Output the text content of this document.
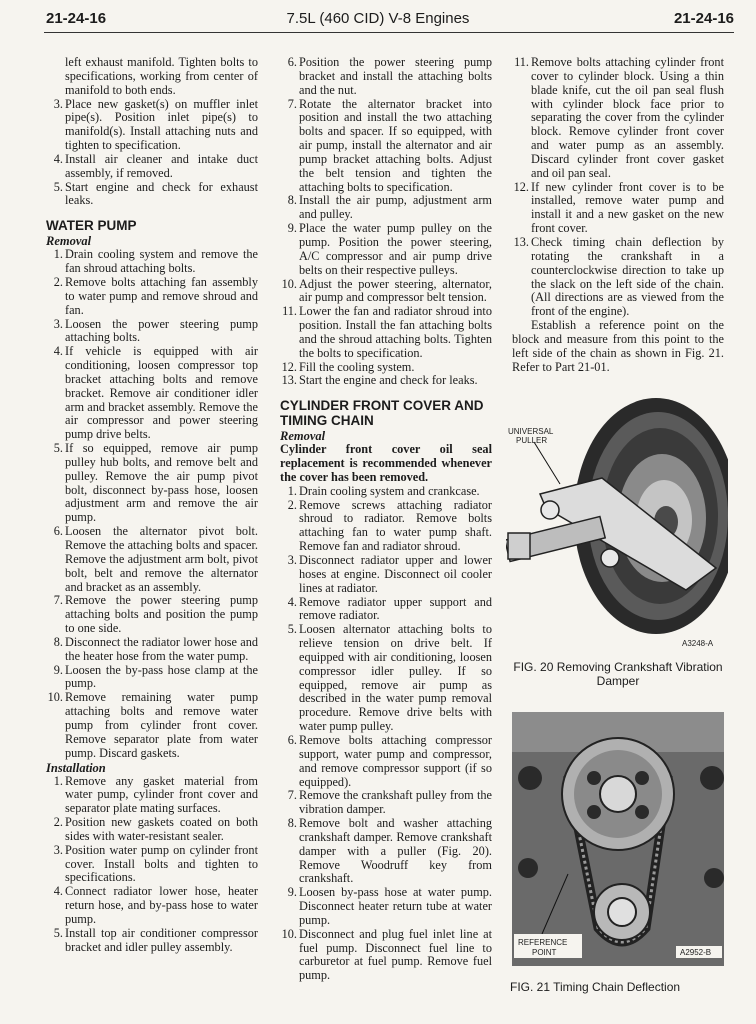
21-24-16	7.5L (460 CID) V-8 Engines	21-24-16
left exhaust manifold. Tighten bolts to specifications, working from center of manifold to both ends.
3. Place new gasket(s) on muffler inlet pipe(s). Position inlet pipe(s) to manifold(s). Install attaching nuts and tighten to specification.
4. Install air cleaner and intake duct assembly, if removed.
5. Start engine and check for exhaust leaks.
WATER PUMP
Removal
1. Drain cooling system and remove the fan shroud attaching bolts.
2. Remove bolts attaching fan assembly to water pump and remove shroud and fan.
3. Loosen the power steering pump attaching bolts.
4. If vehicle is equipped with air conditioning, loosen compressor top bracket attaching bolts and remove bracket. Remove air conditioner idler arm and bracket assembly. Remove the air compressor and power steering pump drive belts.
5. If so equipped, remove air pump pulley hub bolts, and remove belt and pulley. Remove the air pump pivot bolt, disconnect by-pass hose, loosen adjustment arm and remove the air pump.
6. Loosen the alternator pivot bolt. Remove the attaching bolts and spacer. Remove the adjustment arm bolt, pivot bolt, belt and remove the alternator and bracket as an assembly.
7. Remove the power steering pump attaching bolts and position the pump to one side.
8. Disconnect the radiator lower hose and the heater hose from the water pump.
9. Loosen the by-pass hose clamp at the pump.
10. Remove remaining water pump attaching bolts and remove water pump from cylinder front cover. Remove separator plate from water pump. Discard gaskets.
Installation
1. Remove any gasket material from water pump, cylinder front cover and separator plate mating surfaces.
2. Position new gaskets coated on both sides with water-resistant sealer.
3. Position water pump on cylinder front cover. Install bolts and tighten to specifications.
4. Connect radiator lower hose, heater return hose, and by-pass hose to water pump.
5. Install top air conditioner compressor bracket and idler pulley assembly.
6. Position the power steering pump bracket and install the attaching bolts and the nut.
7. Rotate the alternator bracket into position and install the two attaching bolts and spacer. If so equipped, with air pump, install the alternator and air pump bracket attaching bolts. Adjust the belt tension and tighten the attaching bolts to specification.
8. Install the air pump, adjustment arm and pulley.
9. Place the water pump pulley on the pump. Position the power steering, A/C compressor and air pump drive belts on their respective pulleys.
10. Adjust the power steering, alternator, air pump and compressor belt tension.
11. Lower the fan and radiator shroud into position. Install the fan attaching bolts and the shroud attaching bolts. Tighten the bolts to specification.
12. Fill the cooling system.
13. Start the engine and check for leaks.
CYLINDER FRONT COVER AND TIMING CHAIN
Removal
Cylinder front cover oil seal replacement is recommended whenever the cover has been removed.
1. Drain cooling system and crankcase.
2. Remove screws attaching radiator shroud to radiator. Remove bolts attaching fan to water pump shaft. Remove fan and radiator shroud.
3. Disconnect radiator upper and lower hoses at engine. Disconnect oil cooler lines at radiator.
4. Remove radiator upper support and remove radiator.
5. Loosen alternator attaching bolts to relieve tension on drive belt. If equipped with air conditioning, loosen compressor idler pulley. If so equipped, remove air pump as described in the water pump removal procedure. Remove drive belts with water pump pulley.
6. Remove bolts attaching compressor support, water pump and compressor, and remove compressor support (if so equipped).
7. Remove the crankshaft pulley from the vibration damper.
8. Remove bolt and washer attaching crankshaft damper. Remove crankshaft damper with a puller (Fig. 20). Remove Woodruff key from crankshaft.
9. Loosen by-pass hose at water pump. Disconnect heater return tube at water pump.
10. Disconnect and plug fuel inlet line at fuel pump. Disconnect fuel line to carburetor at fuel pump. Remove fuel pump.
11. Remove bolts attaching cylinder front cover to cylinder block. Using a thin blade knife, cut the oil pan seal flush with cylinder block face prior to separating the cover from the cylinder block. Remove cylinder front cover and water pump as an assembly. Discard cylinder front cover gasket and oil pan seal.
12. If new cylinder front cover is to be installed, remove water pump and install it and a new gasket on the new front cover.
13. Check timing chain deflection by rotating the crankshaft in a counterclockwise direction to take up the slack on the left side of the chain. (All directions are as viewed from the front of the engine).
Establish a reference point on the block and measure from this point to the left side of the chain as shown in Fig. 21. Refer to Part 21-01.
UNIVERSAL
PULLER
A3248-A
FIG. 20 Removing Crankshaft Vibration Damper
REFERENCE
POINT	A2952-B
FIG. 21 Timing Chain Deflection
